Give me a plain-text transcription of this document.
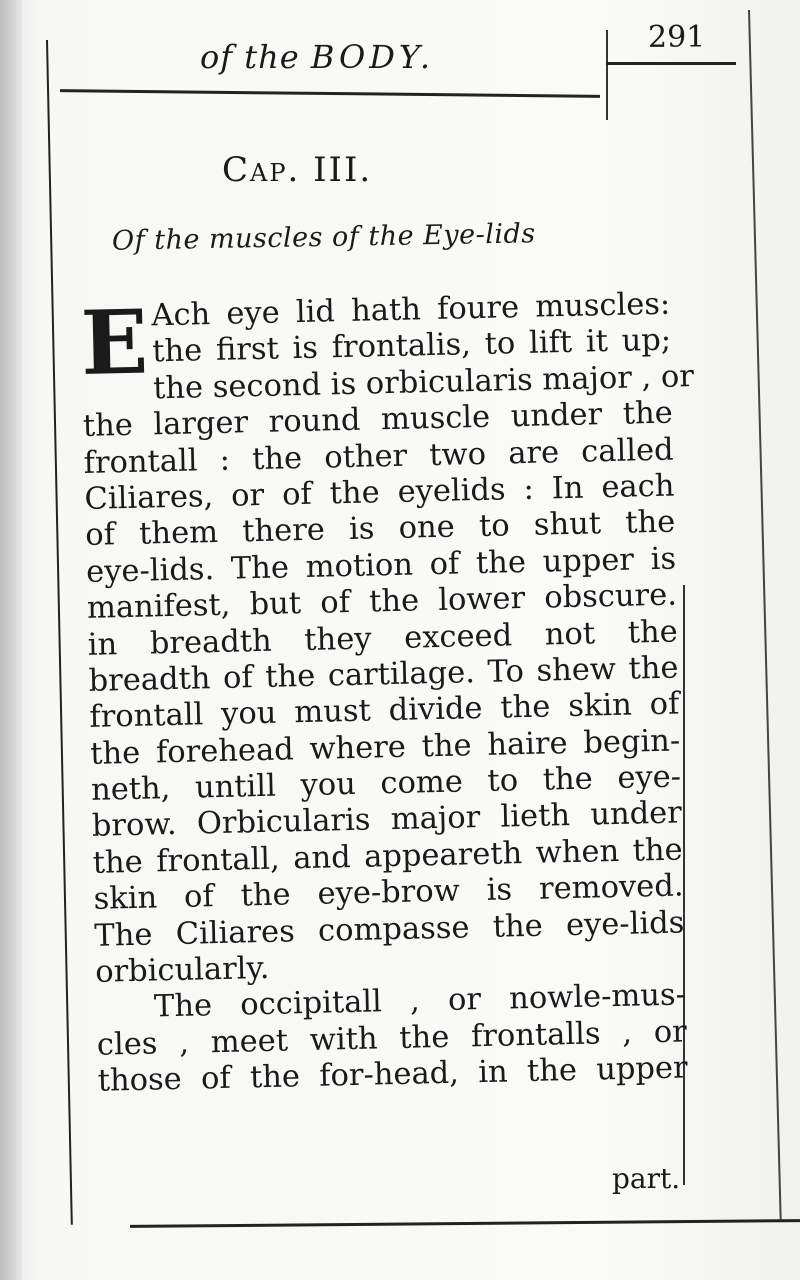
of the BODY.
291
Cap. III.
Of the muscles of the Eye-lids
E Ach eye lid hath foure muscles:
the first is frontalis, to lift it up;
the second is orbicularis major , or
the larger round muscle under the
frontall : the other two are called
Ciliares, or of the eyelids : In each
of them there is one to shut the
eye-lids. The motion of the upper is
manifest, but of the lower obscure.
in breadth they exceed not the
breadth of the cartilage. To shew the
frontall you must divide the skin of
the forehead where the haire begin-
neth, untill you come to the eye-
brow. Orbicularis major lieth under
the frontall, and appeareth when the
skin of the eye-brow is removed.
The Ciliares compasse the eye-lids
orbicularly.
The occipitall , or nowle-mus-
cles , meet with the frontalls , or
those of the for-head, in the upper
part.
